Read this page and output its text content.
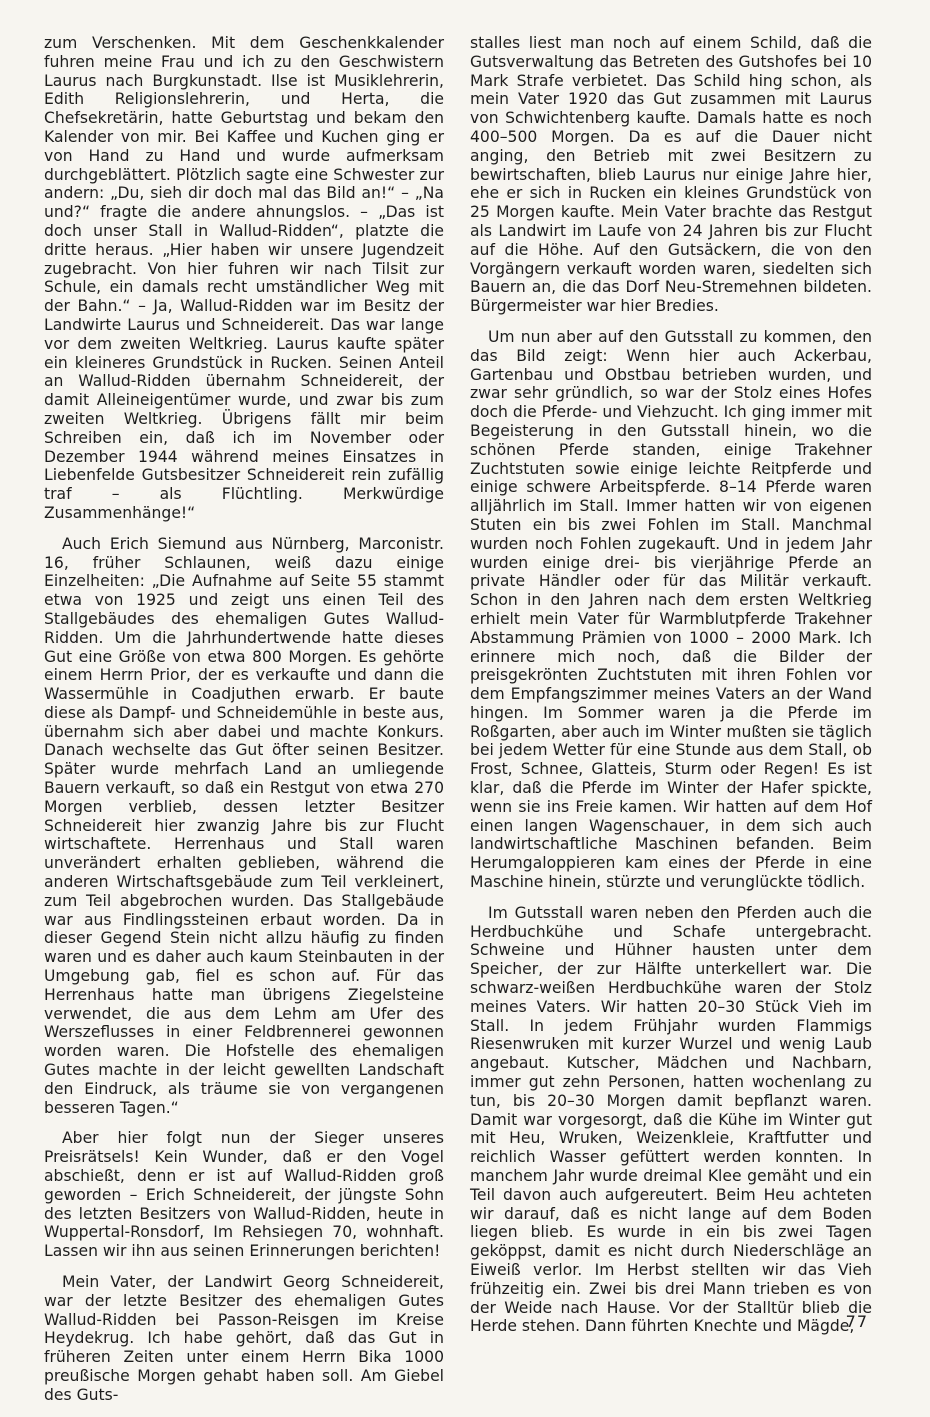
zum Verschenken. Mit dem Geschenkkalender fuhren meine Frau und ich zu den Geschwistern Laurus nach Burgkunstadt. Ilse ist Musiklehrerin, Edith Religionslehrerin, und Herta, die Chefsekretärin, hatte Geburtstag und bekam den Kalender von mir. Bei Kaffee und Kuchen ging er von Hand zu Hand und wurde aufmerksam durchgeblättert. Plötzlich sagte eine Schwester zur andern: „Du, sieh dir doch mal das Bild an!“ – „Na und?“ fragte die andere ahnungslos. – „Das ist doch unser Stall in Wallud-Ridden“, platzte die dritte heraus. „Hier haben wir unsere Jugendzeit zugebracht. Von hier fuhren wir nach Tilsit zur Schule, ein damals recht umständlicher Weg mit der Bahn.“ – Ja, Wallud-Ridden war im Besitz der Landwirte Laurus und Schneidereit. Das war lange vor dem zweiten Weltkrieg. Laurus kaufte später ein kleineres Grundstück in Rucken. Seinen Anteil an Wallud-Ridden übernahm Schneidereit, der damit Alleineigentümer wurde, und zwar bis zum zweiten Weltkrieg. Übrigens fällt mir beim Schreiben ein, daß ich im November oder Dezember 1944 während meines Einsatzes in Liebenfelde Gutsbesitzer Schneidereit rein zufällig traf – als Flüchtling. Merkwürdige Zusammenhänge!“

Auch Erich Siemund aus Nürnberg, Marconistr. 16, früher Schlaunen, weiß dazu einige Einzelheiten: „Die Aufnahme auf Seite 55 stammt etwa von 1925 und zeigt uns einen Teil des Stallgebäudes des ehemaligen Gutes Wallud-Ridden. Um die Jahrhundertwende hatte dieses Gut eine Größe von etwa 800 Morgen. Es gehörte einem Herrn Prior, der es verkaufte und dann die Wassermühle in Coadjuthen erwarb. Er baute diese als Dampf- und Schneidemühle in beste aus, übernahm sich aber dabei und machte Konkurs. Danach wechselte das Gut öfter seinen Besitzer. Später wurde mehrfach Land an umliegende Bauern verkauft, so daß ein Restgut von etwa 270 Morgen verblieb, dessen letzter Besitzer Schneidereit hier zwanzig Jahre bis zur Flucht wirtschaftete. Herrenhaus und Stall waren unverändert erhalten geblieben, während die anderen Wirtschaftsgebäude zum Teil verkleinert, zum Teil abgebrochen wurden. Das Stallgebäude war aus Findlingssteinen erbaut worden. Da in dieser Gegend Stein nicht allzu häufig zu finden waren und es daher auch kaum Steinbauten in der Umgebung gab, fiel es schon auf. Für das Herrenhaus hatte man übrigens Ziegelsteine verwendet, die aus dem Lehm am Ufer des Werszeflusses in einer Feldbrennerei gewonnen worden waren. Die Hofstelle des ehemaligen Gutes machte in der leicht gewellten Landschaft den Eindruck, als träume sie von vergangenen besseren Tagen.“

Aber hier folgt nun der Sieger unseres Preisrätsels! Kein Wunder, daß er den Vogel abschießt, denn er ist auf Wallud-Ridden groß geworden – Erich Schneidereit, der jüngste Sohn des letzten Besitzers von Wallud-Ridden, heute in Wuppertal-Ronsdorf, Im Rehsiegen 70, wohnhaft. Lassen wir ihn aus seinen Erinnerungen berichten!

Mein Vater, der Landwirt Georg Schneidereit, war der letzte Besitzer des ehemaligen Gutes Wallud-Ridden bei Passon-Reisgen im Kreise Heydekrug. Ich habe gehört, daß das Gut in früheren Zeiten unter einem Herrn Bika 1000 preußische Morgen gehabt haben soll. Am Giebel des Guts-

stalles liest man noch auf einem Schild, daß die Gutsverwaltung das Betreten des Gutshofes bei 10 Mark Strafe verbietet. Das Schild hing schon, als mein Vater 1920 das Gut zusammen mit Laurus von Schwichtenberg kaufte. Damals hatte es noch 400–500 Morgen. Da es auf die Dauer nicht anging, den Betrieb mit zwei Besitzern zu bewirtschaften, blieb Laurus nur einige Jahre hier, ehe er sich in Rucken ein kleines Grundstück von 25 Morgen kaufte. Mein Vater brachte das Restgut als Landwirt im Laufe von 24 Jahren bis zur Flucht auf die Höhe. Auf den Gutsäckern, die von den Vorgängern verkauft worden waren, siedelten sich Bauern an, die das Dorf Neu-Stremehnen bildeten. Bürgermeister war hier Bredies.

Um nun aber auf den Gutsstall zu kommen, den das Bild zeigt: Wenn hier auch Ackerbau, Gartenbau und Obstbau betrieben wurden, und zwar sehr gründlich, so war der Stolz eines Hofes doch die Pferde- und Viehzucht. Ich ging immer mit Begeisterung in den Gutsstall hinein, wo die schönen Pferde standen, einige Trakehner Zuchtstuten sowie einige leichte Reitpferde und einige schwere Arbeitspferde. 8–14 Pferde waren alljährlich im Stall. Immer hatten wir von eigenen Stuten ein bis zwei Fohlen im Stall. Manchmal wurden noch Fohlen zugekauft. Und in jedem Jahr wurden einige drei- bis vierjährige Pferde an private Händler oder für das Militär verkauft. Schon in den Jahren nach dem ersten Weltkrieg erhielt mein Vater für Warmblutpferde Trakehner Abstammung Prämien von 1000 – 2000 Mark. Ich erinnere mich noch, daß die Bilder der preisgekrönten Zuchtstuten mit ihren Fohlen vor dem Empfangszimmer meines Vaters an der Wand hingen. Im Sommer waren ja die Pferde im Roßgarten, aber auch im Winter mußten sie täglich bei jedem Wetter für eine Stunde aus dem Stall, ob Frost, Schnee, Glatteis, Sturm oder Regen! Es ist klar, daß die Pferde im Winter der Hafer spickte, wenn sie ins Freie kamen. Wir hatten auf dem Hof einen langen Wagenschauer, in dem sich auch landwirtschaftliche Maschinen befanden. Beim Herumgaloppieren kam eines der Pferde in eine Maschine hinein, stürzte und verunglückte tödlich.

Im Gutsstall waren neben den Pferden auch die Herdbuchkühe und Schafe untergebracht. Schweine und Hühner hausten unter dem Speicher, der zur Hälfte unterkellert war. Die schwarz-weißen Herdbuchkühe waren der Stolz meines Vaters. Wir hatten 20–30 Stück Vieh im Stall. In jedem Frühjahr wurden Flammigs Riesenwruken mit kurzer Wurzel und wenig Laub angebaut. Kutscher, Mädchen und Nachbarn, immer gut zehn Personen, hatten wochenlang zu tun, bis 20–30 Morgen damit bepflanzt waren. Damit war vorgesorgt, daß die Kühe im Winter gut mit Heu, Wruken, Weizenkleie, Kraftfutter und reichlich Wasser gefüttert werden konnten. In manchem Jahr wurde dreimal Klee gemäht und ein Teil davon auch aufgereutert. Beim Heu achteten wir darauf, daß es nicht lange auf dem Boden liegen blieb. Es wurde in ein bis zwei Tagen geköppst, damit es nicht durch Niederschläge an Eiweiß verlor. Im Herbst stellten wir das Vieh frühzeitig ein. Zwei bis drei Mann trieben es von der Weide nach Hause. Vor der Stalltür blieb die Herde stehen. Dann führten Knechte und Mägde,

77
